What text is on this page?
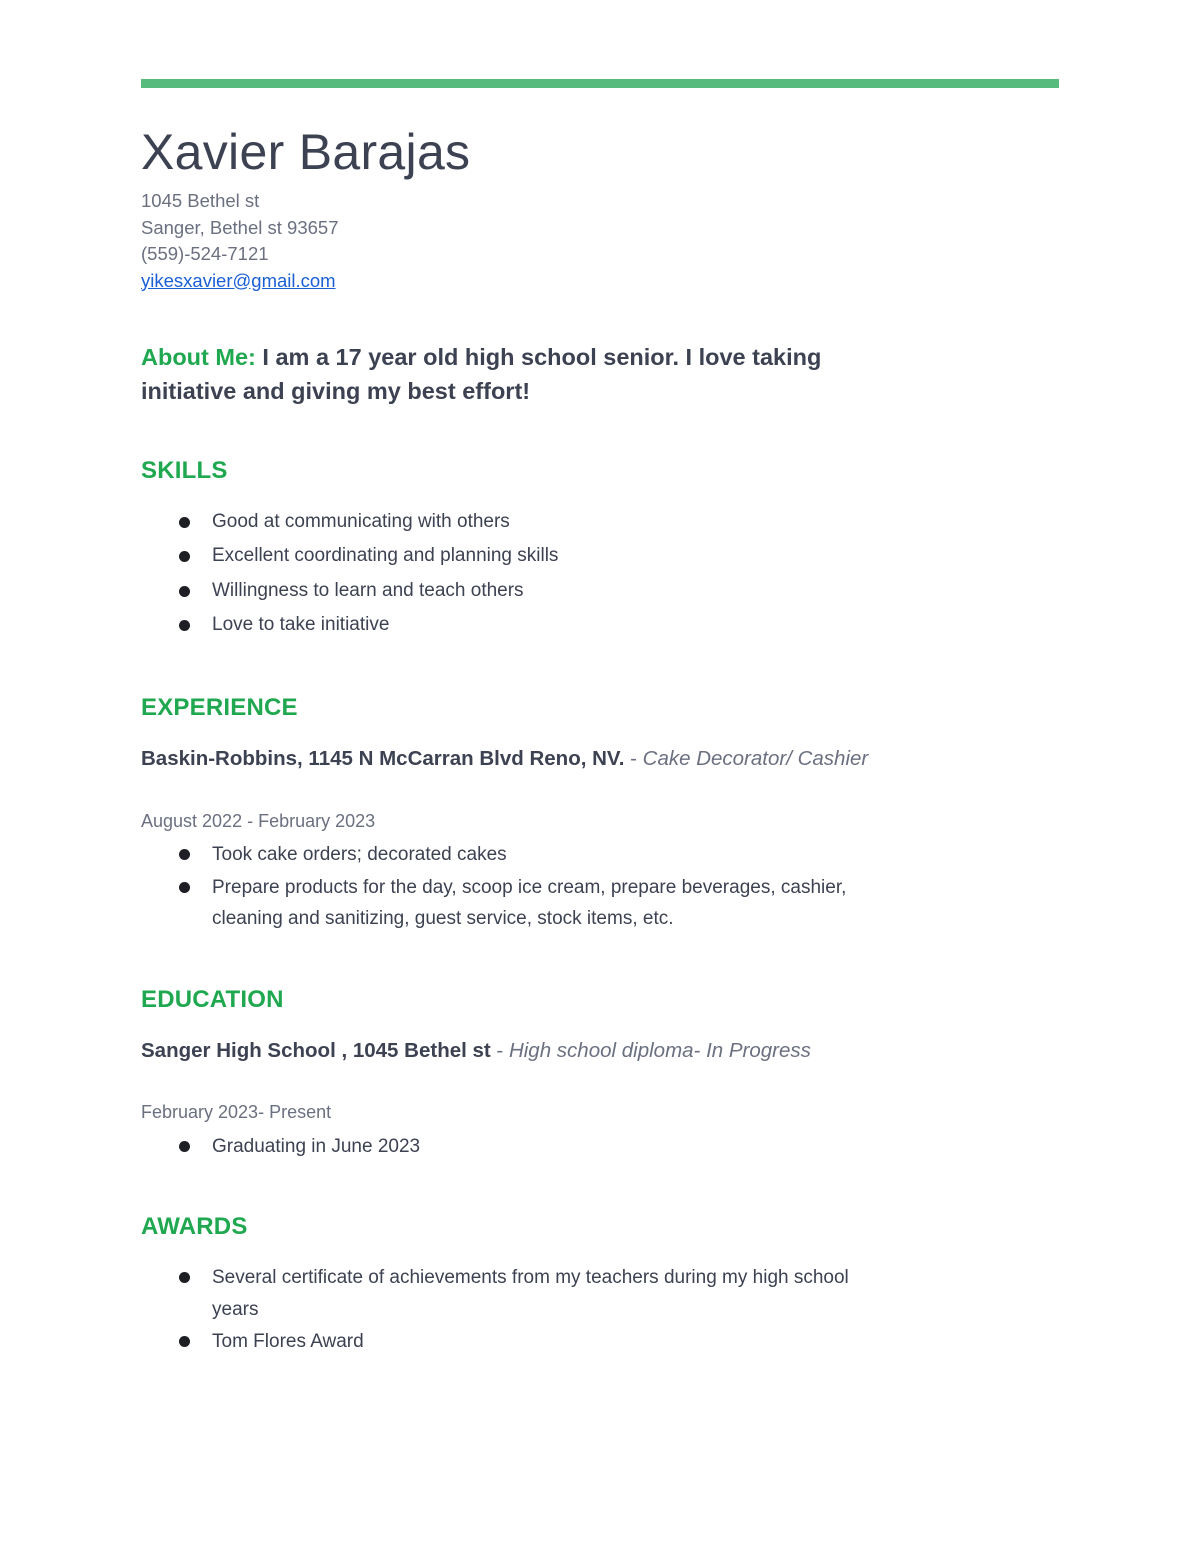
Xavier Barajas
1045 Bethel st
Sanger, Bethel st 93657
(559)-524-7121
yikesxavier@gmail.com
About Me: I am a 17 year old high school senior. I love taking initiative and giving my best effort!
SKILLS
Good at communicating with others
Excellent coordinating and planning skills
Willingness to learn and teach others
Love to take initiative
EXPERIENCE
Baskin-Robbins, 1145 N McCarran Blvd Reno, NV. - Cake Decorator/ Cashier
August 2022 - February 2023
Took cake orders; decorated cakes
Prepare products for the day, scoop ice cream, prepare beverages, cashier, cleaning and sanitizing, guest service, stock items, etc.
EDUCATION
Sanger High School , 1045 Bethel st - High school diploma- In Progress
February 2023- Present
Graduating in June 2023
AWARDS
Several certificate of achievements from my teachers during my high school years
Tom Flores Award
